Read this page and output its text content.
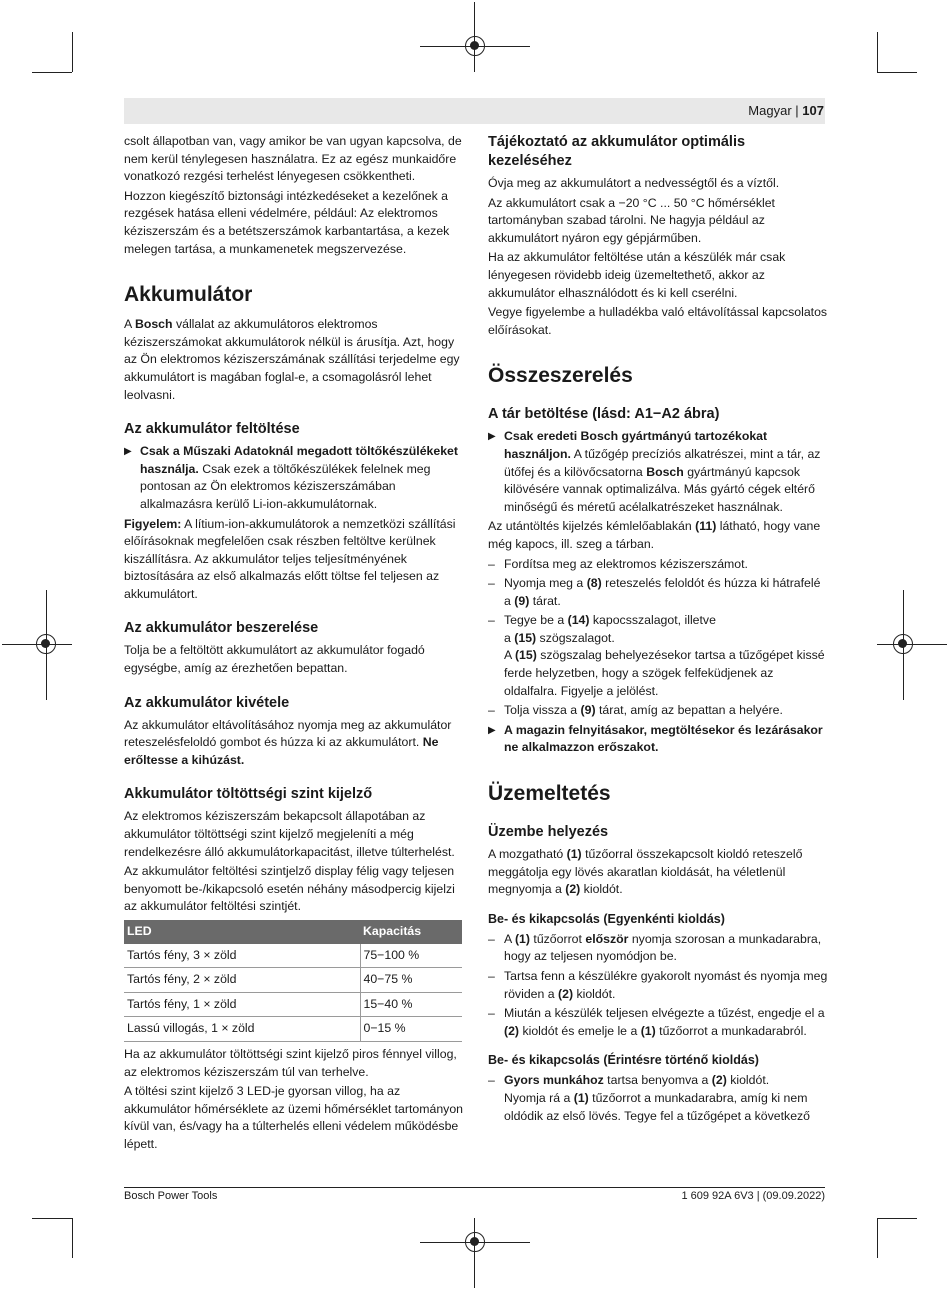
Magyar | 107

csolt állapotban van, vagy amikor be van ugyan kapcsolva, de nem kerül ténylegesen használatra. Ez az egész munkaidőre vonatkozó rezgési terhelést lényegesen csökkentheti.

Hozzon kiegészítő biztonsági intézkedéseket a kezelőnek a rezgések hatása elleni védelmére, például: Az elektromos kéziszerszám és a betétszerszámok karbantartása, a kezek melegen tartása, a munkamenetek megszervezése.

Akkumulátor

A Bosch vállalat az akkumulátoros elektromos kéziszerszámokat akkumulátorok nélkül is árusítja. Azt, hogy az Ön elektromos kéziszerszámának szállítási terjedelme egy akkumulátort is magában foglal-e, a csomagolásról lehet leolvasni.

Az akkumulátor feltöltése

▶ Csak a Műszaki Adatoknál megadott töltőkészülékeket használja. Csak ezek a töltőkészülékek felelnek meg pontosan az Ön elektromos kéziszerszámában alkalmazásra kerülő Li-ion-akkumulátornak.

Figyelem: A lítium-ion-akkumulátorok a nemzetközi szállítási előírásoknak megfelelően csak részben feltöltve kerülnek kiszállításra. Az akkumulátor teljes teljesítményének biztosítására az első alkalmazás előtt töltse fel teljesen az akkumulátort.

Az akkumulátor beszerelése

Tolja be a feltöltött akkumulátort az akkumulátor fogadó egységbe, amíg az érezhetően bepattan.

Az akkumulátor kivétele

Az akkumulátor eltávolításához nyomja meg az akkumulátor reteszelésfeloldó gombot és húzza ki az akkumulátort. Ne erőltesse a kihúzást.

Akkumulátor töltöttségi szint kijelző

Az elektromos kéziszerszám bekapcsolt állapotában az akkumulátor töltöttségi szint kijelző megjeleníti a még rendelkezésre álló akkumulátorkapacitást, illetve túlterhelést.

Az akkumulátor feltöltési szintjelző display félig vagy teljesen benyomott be-/kikapcsoló esetén néhány másodpercig kijelzi az akkumulátor feltöltési szintjét.

LED	Kapacitás
Tartós fény, 3 × zöld	75−100 %
Tartós fény, 2 × zöld	40−75 %
Tartós fény, 1 × zöld	15−40 %
Lassú villogás, 1 × zöld	0−15 %

Ha az akkumulátor töltöttségi szint kijelző piros fénnyel villog, az elektromos kéziszerszám túl van terhelve.

A töltési szint kijelző 3 LED-je gyorsan villog, ha az akkumulátor hőmérséklete az üzemi hőmérséklet tartományon kívül van, és/vagy ha a túlterhelés elleni védelem működésbe lépett.

Tájékoztató az akkumulátor optimális kezeléséhez

Óvja meg az akkumulátort a nedvességtől és a víztől.

Az akkumulátort csak a −20 °C ... 50 °C hőmérséklet tartományban szabad tárolni. Ne hagyja például az akkumulátort nyáron egy gépjárműben.

Ha az akkumulátor feltöltése után a készülék már csak lényegesen rövidebb ideig üzemeltethető, akkor az akkumulátor elhasználódott és ki kell cserélni.

Vegye figyelembe a hulladékba való eltávolítással kapcsolatos előírásokat.

Összeszerelés
A tár betöltése (lásd: A1−A2 ábra)

▶ Csak eredeti Bosch gyártmányú tartozékokat használjon. A tűzőgép precíziós alkatrészei, mint a tár, az ütőfej és a kilövőcsatorna Bosch gyártmányú kapcsok kilövésére vannak optimalizálva. Más gyártó cégek eltérő minőségű és méretű acélalkatrészeket használnak.

Az utántöltés kijelzés kémlelőablakán (11) látható, hogy vane még kapocs, ill. szeg a tárban.

– Fordítsa meg az elektromos kéziszerszámot.

– Nyomja meg a (8) reteszelés feloldót és húzza ki hátrafelé a (9) tárat.

– Tegye be a (14) kapocsszalagot, illetve
a (15) szögszalagot.
A (15) szögszalag behelyezésekor tartsa a tűzőgépet kissé ferde helyzetben, hogy a szögek felfeküdjenek az oldalfalra. Figyelje a jelölést.

– Tolja vissza a (9) tárat, amíg az bepattan a helyére.

▶ A magazin felnyitásakor, megtöltésekor és lezárásakor ne alkalmazzon erőszakot.

Üzemeltetés
Üzembe helyezés

A mozgatható (1) tűzőorral összekapcsolt kioldó reteszelő meggátolja egy lövés akaratlan kioldását, ha véletlenül megnyomja a (2) kioldót.

Be- és kikapcsolás (Egyenkénti kioldás)

– A (1) tűzőorrot először nyomja szorosan a munkadarabra, hogy az teljesen nyomódjon be.

– Tartsa fenn a készülékre gyakorolt nyomást és nyomja meg röviden a (2) kioldót.

– Miután a készülék teljesen elvégezte a tűzést, engedje el a (2) kioldót és emelje le a (1) tűzőorrot a munkadarabról.

Be- és kikapcsolás (Érintésre történő kioldás)

– Gyors munkához tartsa benyomva a (2) kioldót.
Nyomja rá a (1) tűzőorrot a munkadarabra, amíg ki nem oldódik az első lövés. Tegye fel a tűzőgépet a következő

Bosch Power Tools	1 609 92A 6V3 | (09.09.2022)
